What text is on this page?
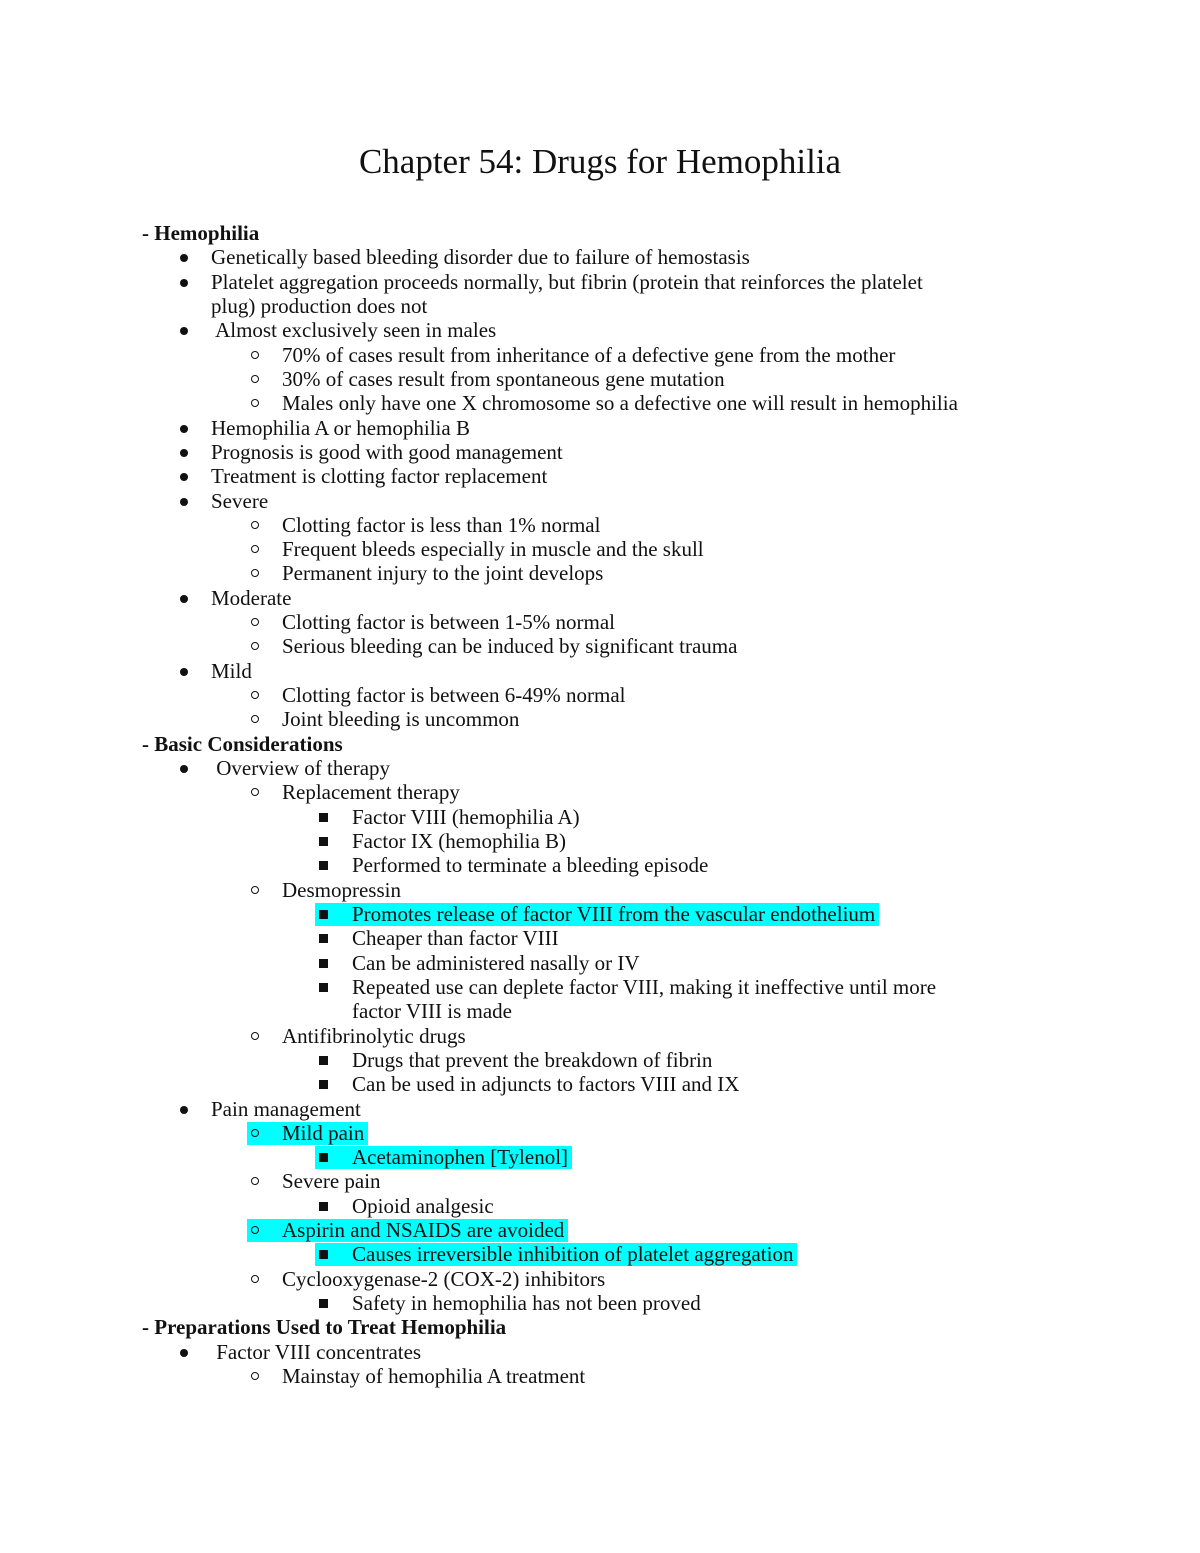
Chapter 54: Drugs for Hemophilia
- Hemophilia
Genetically based bleeding disorder due to failure of hemostasis
Platelet aggregation proceeds normally, but fibrin (protein that reinforces the platelet
plug) production does not
Almost exclusively seen in males
70% of cases result from inheritance of a defective gene from the mother
30% of cases result from spontaneous gene mutation
Males only have one X chromosome so a defective one will result in hemophilia
Hemophilia A or hemophilia B
Prognosis is good with good management
Treatment is clotting factor replacement
Severe
Clotting factor is less than 1% normal
Frequent bleeds especially in muscle and the skull
Permanent injury to the joint develops
Moderate
Clotting factor is between 1-5% normal
Serious bleeding can be induced by significant trauma
Mild
Clotting factor is between 6-49% normal
Joint bleeding is uncommon
- Basic Considerations
Overview of therapy
Replacement therapy
Factor VIII (hemophilia A)
Factor IX (hemophilia B)
Performed to terminate a bleeding episode
Desmopressin
Promotes release of factor VIII from the vascular endothelium
Cheaper than factor VIII
Can be administered nasally or IV
Repeated use can deplete factor VIII, making it ineffective until more
factor VIII is made
Antifibrinolytic drugs
Drugs that prevent the breakdown of fibrin
Can be used in adjuncts to factors VIII and IX
Pain management
Mild pain
Acetaminophen [Tylenol]
Severe pain
Opioid analgesic
Aspirin and NSAIDS are avoided
Causes irreversible inhibition of platelet aggregation
Cyclooxygenase-2 (COX-2) inhibitors
Safety in hemophilia has not been proved
- Preparations Used to Treat Hemophilia
Factor VIII concentrates
Mainstay of hemophilia A treatment
